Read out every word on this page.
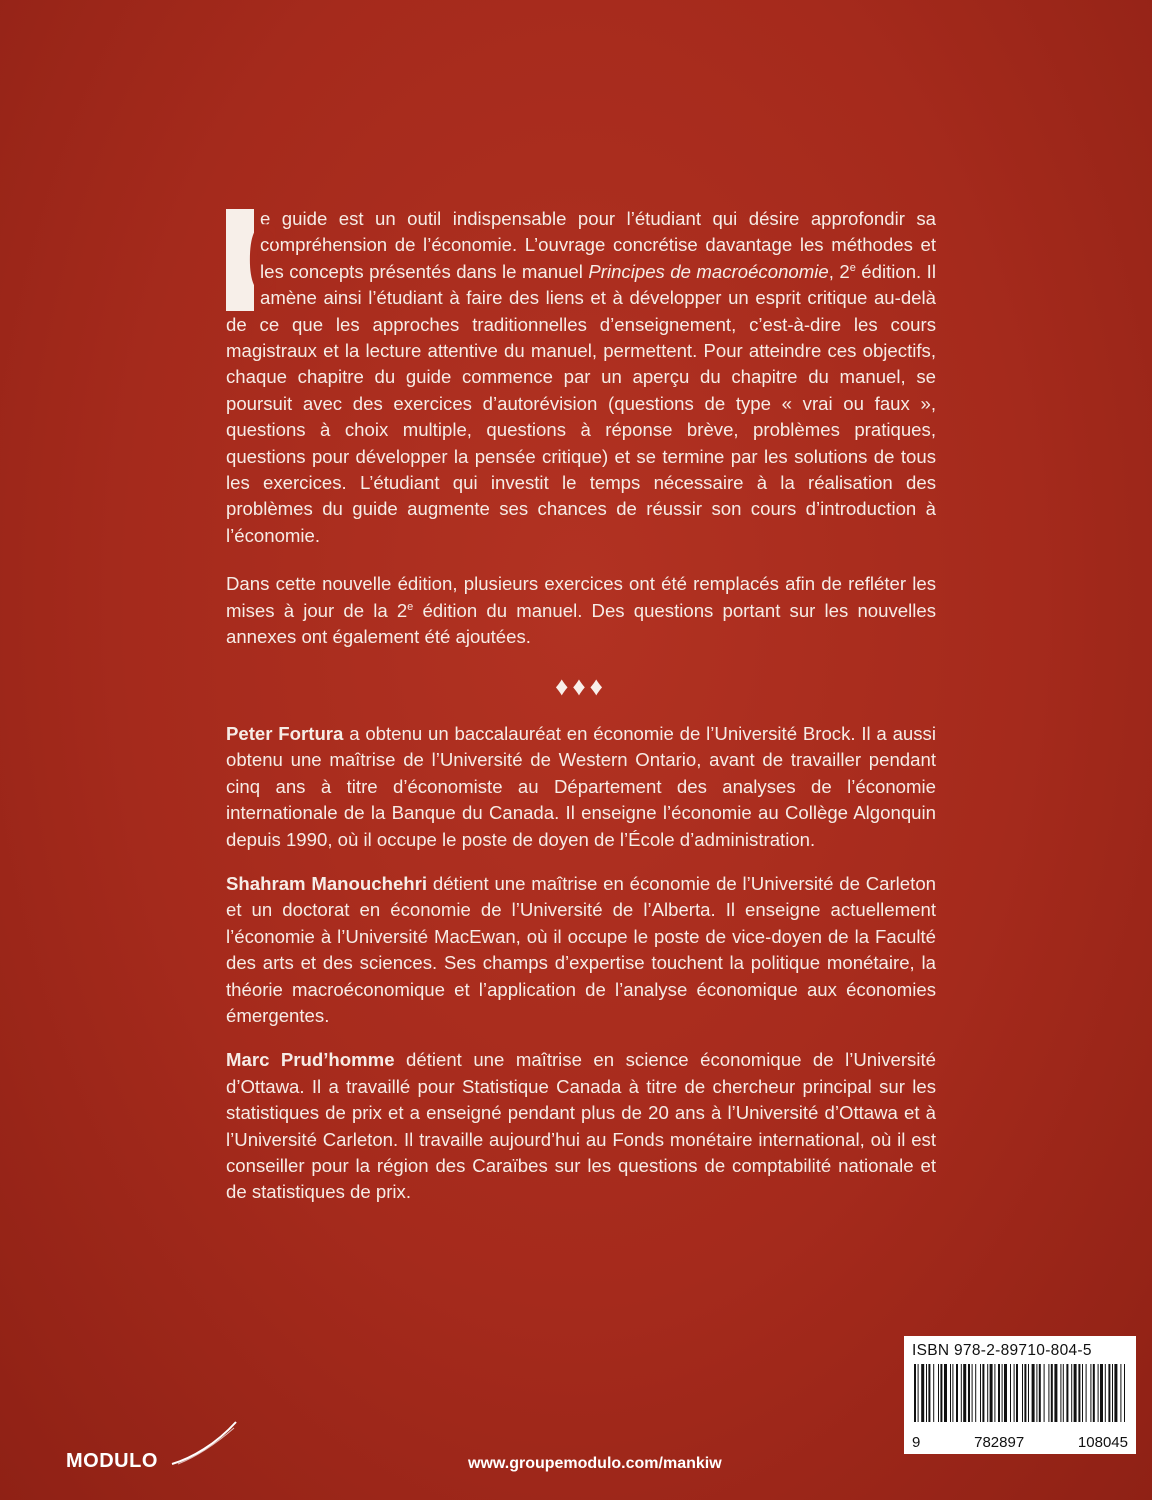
C
e guide est un outil indispensable pour l’étudiant qui désire approfondir sa compréhension de l’économie. L’ouvrage concrétise davantage les méthodes et les concepts présentés dans le manuel Principes de macroéconomie, 2e édition. Il amène ainsi l’étudiant à faire des liens et à développer un esprit critique au-delà de ce que les approches traditionnelles d’enseignement, c’est-à-dire les cours magistraux et la lecture attentive du manuel, permettent. Pour atteindre ces objectifs, chaque chapitre du guide commence par un aperçu du chapitre du manuel, se poursuit avec des exercices d’autorévision (questions de type « vrai ou faux », questions à choix multiple, questions à réponse brève, problèmes pratiques, questions pour développer la pensée critique) et se termine par les solutions de tous les exercices. L’étudiant qui investit le temps nécessaire à la réalisation des problèmes du guide augmente ses chances de réussir son cours d’introduction à l’économie.

Dans cette nouvelle édition, plusieurs exercices ont été remplacés afin de refléter les mises à jour de la 2e édition du manuel. Des questions portant sur les nouvelles annexes ont également été ajoutées.

♦♦♦

Peter Fortura a obtenu un baccalauréat en économie de l’Université Brock. Il a aussi obtenu une maîtrise de l’Université de Western Ontario, avant de travailler pendant cinq ans à titre d’économiste au Département des analyses de l’économie internationale de la Banque du Canada. Il enseigne l’économie au Collège Algonquin depuis 1990, où il occupe le poste de doyen de l’École d’administration.

Shahram Manouchehri détient une maîtrise en économie de l’Université de Carleton et un doctorat en économie de l’Université de l’Alberta. Il enseigne actuellement l’économie à l’Université MacEwan, où il occupe le poste de vice-doyen de la Faculté des arts et des sciences. Ses champs d’expertise touchent la politique monétaire, la théorie macroéconomique et l’application de l’analyse économique aux économies émergentes.

Marc Prud’homme détient une maîtrise en science économique de l’Université d’Ottawa. Il a travaillé pour Statistique Canada à titre de chercheur principal sur les statistiques de prix et a enseigné pendant plus de 20 ans à l’Université d’Ottawa et à l’Université Carleton. Il travaille aujourd’hui au Fonds monétaire international, où il est conseiller pour la région des Caraïbes sur les questions de comptabilité nationale et de statistiques de prix.

ISBN 978-2-89710-804-5
9 782897 108045
MODULO	www.groupemodulo.com/mankiw
